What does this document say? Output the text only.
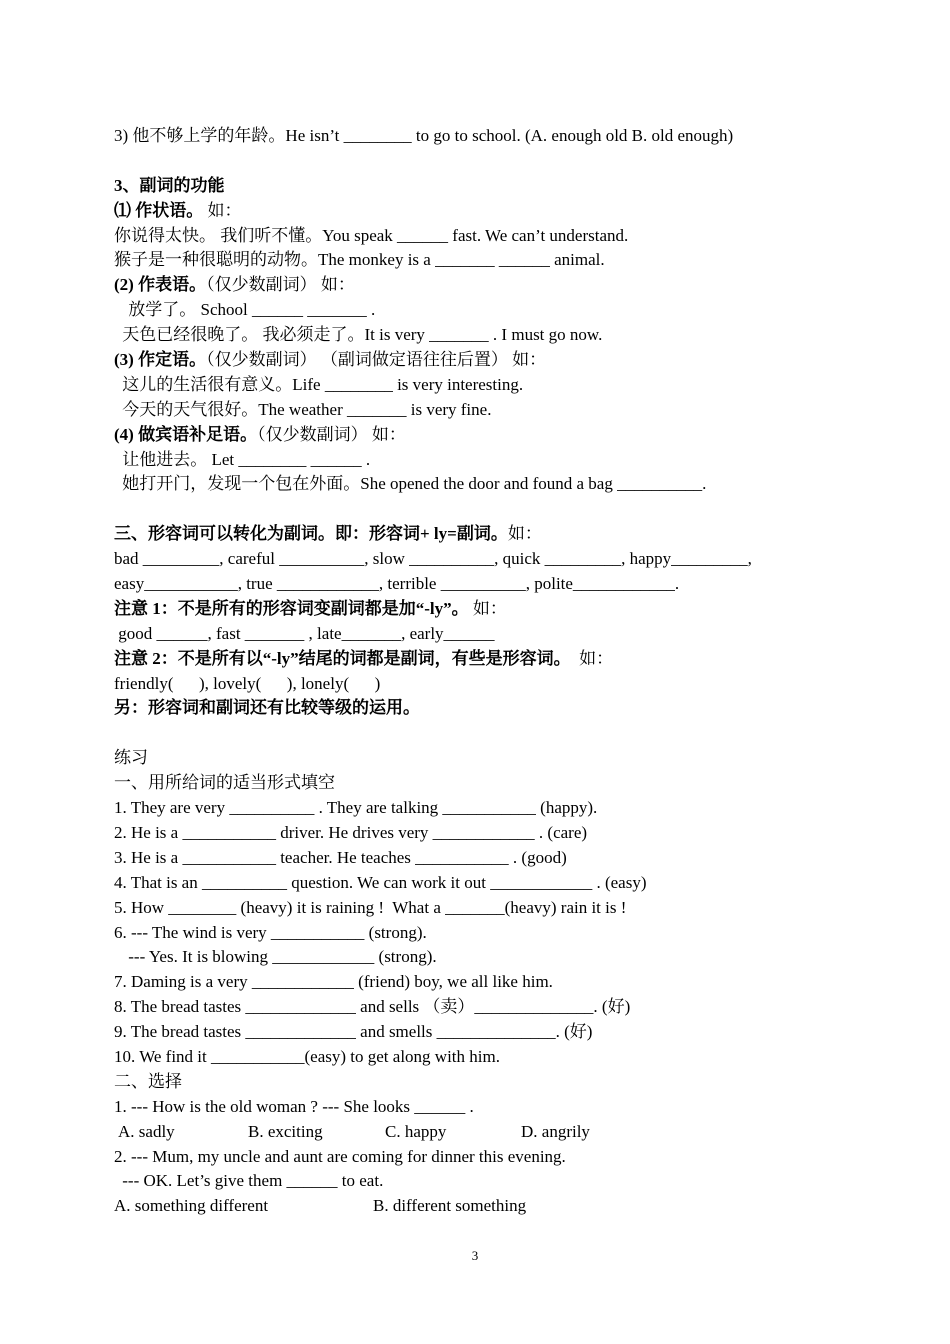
3) 他不够上学的年龄。He isn’t ________ to go to school. (A. enough old B. old enough)
3、副词的功能
⑴ 作状语。 如：
你说得太快。 我们听不懂。You speak ______ fast. We can’t understand.
猴子是一种很聪明的动物。The monkey is a _______ ______ animal.
(2) 作表语。（仅少数副词） 如：
放学了。 School ______ _______ .
天色已经很晚了。 我必须走了。It is very _______ . I must go now.
(3) 作定语。（仅少数副词） （副词做定语往往后置） 如：
这儿的生活很有意义。Life ________ is very interesting.
今天的天气很好。The weather _______ is very fine.
(4) 做宾语补足语。（仅少数副词） 如：
让他进去。 Let ________ ______ .
她打开门，发现一个包在外面。She opened the door and found a bag __________.
三、形容词可以转化为副词。即：形容词+ ly=副词。如：
bad _________, careful __________, slow __________, quick _________, happy_________,
easy___________, true ____________, terrible __________, polite____________.
注意 1：不是所有的形容词变副词都是加“-ly”。 如：
good ______, fast _______ , late_______, early______
注意 2：不是所有以“-ly”结尾的词都是副词，有些是形容词。  如：
friendly(      ), lovely(      ), lonely(      )
另：形容词和副词还有比较等级的运用。
练习
一、用所给词的适当形式填空
1. They are very __________ . They are talking ___________ (happy).
2. He is a ___________ driver. He drives very ____________ . (care)
3. He is a ___________ teacher. He teaches ___________ . (good)
4. That is an __________ question. We can work it out ____________ . (easy)
5. How ________ (heavy) it is raining !  What a _______(heavy) rain it is !
6. --- The wind is very ___________ (strong).
--- Yes. It is blowing ____________ (strong).
7. Daming is a very ____________ (friend) boy, we all like him.
8. The bread tastes _____________ and sells （卖）______________. (好)
9. The bread tastes _____________ and smells ______________. (好)
10. We find it ___________(easy) to get along with him.
二、选择
1. --- How is the old woman ? --- She looks ______ .
A. sadly	B. exciting	C. happy	D. angrily
2. --- Mum, my uncle and aunt are coming for dinner this evening.
--- OK. Let’s give them ______ to eat.
A. something different	B. different something
3
